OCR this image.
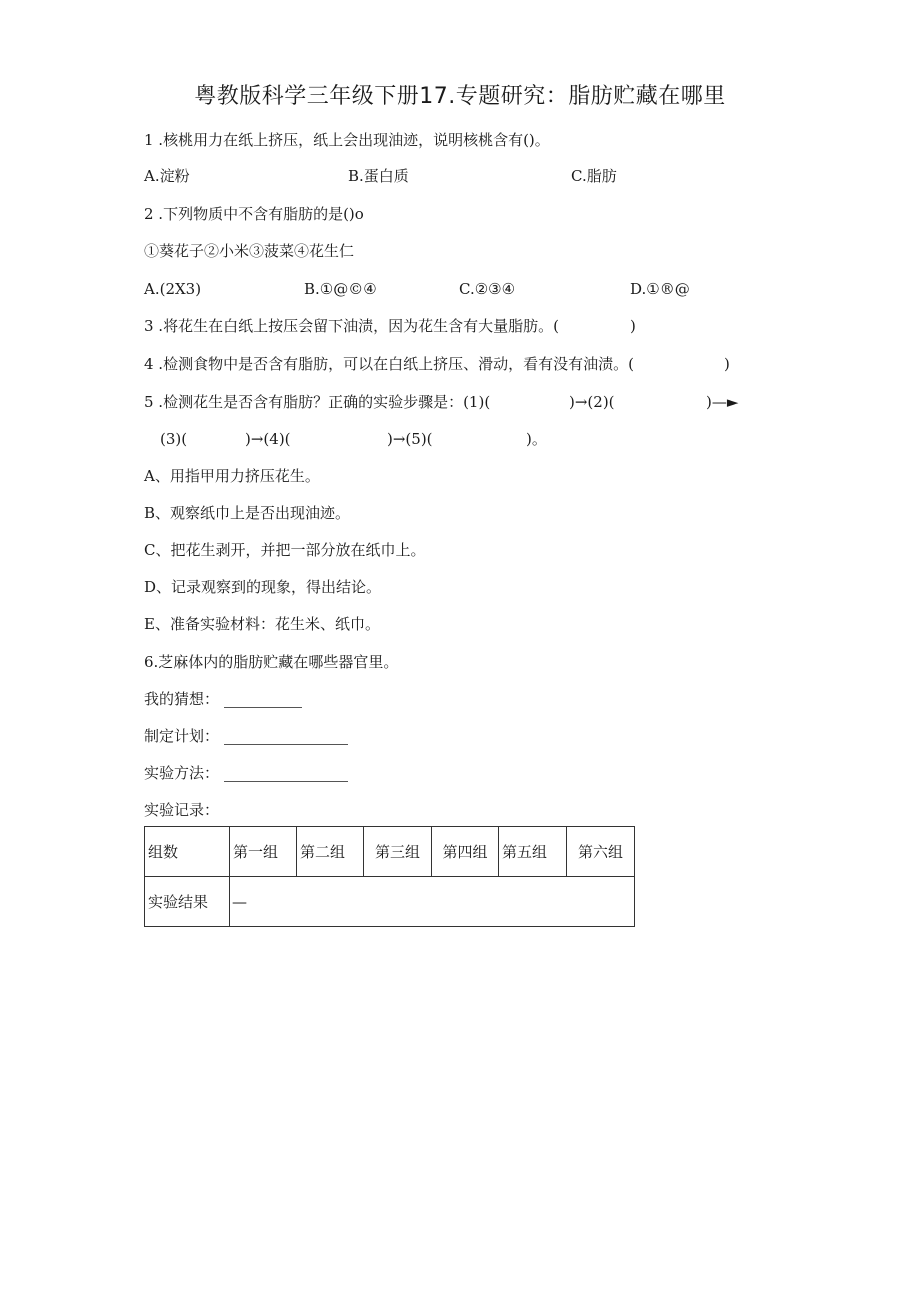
粤教版科学三年级下册17.专题研究：脂肪贮藏在哪里
1 .核桃用力在纸上挤压，纸上会出现油迹，说明核桃含有()。
A.淀粉	B.蛋白质	C.脂肪
2 .下列物质中不含有脂肪的是()o
①葵花子②小米③菠菜④花生仁
A.(2X3)	B.①@©④	C.②③④	D.①®@
3 .将花生在白纸上按压会留下油渍，因为花生含有大量脂肪。(	)
4 .检测食物中是否含有脂肪，可以在白纸上挤压、滑动，看有没有油渍。(	)
5 .检测花生是否含有脂肪？正确的实验步骤是：(1)(	)→(2)(	)—►
(3)(	)→(4)(	)→(5)(	)。
A、用指甲用力挤压花生。
B、观察纸巾上是否出现油迹。
C、把花生剥开，并把一部分放在纸巾上。
D、记录观察到的现象，得出结论。
E、准备实验材料：花生米、纸巾。
6.芝麻体内的脂肪贮藏在哪些器官里。
我的猜想：
制定计划：
实验方法：
实验记录：
组数	第一组	第二组	第三组	第四组	第五组	第六组
实验结果	—					
